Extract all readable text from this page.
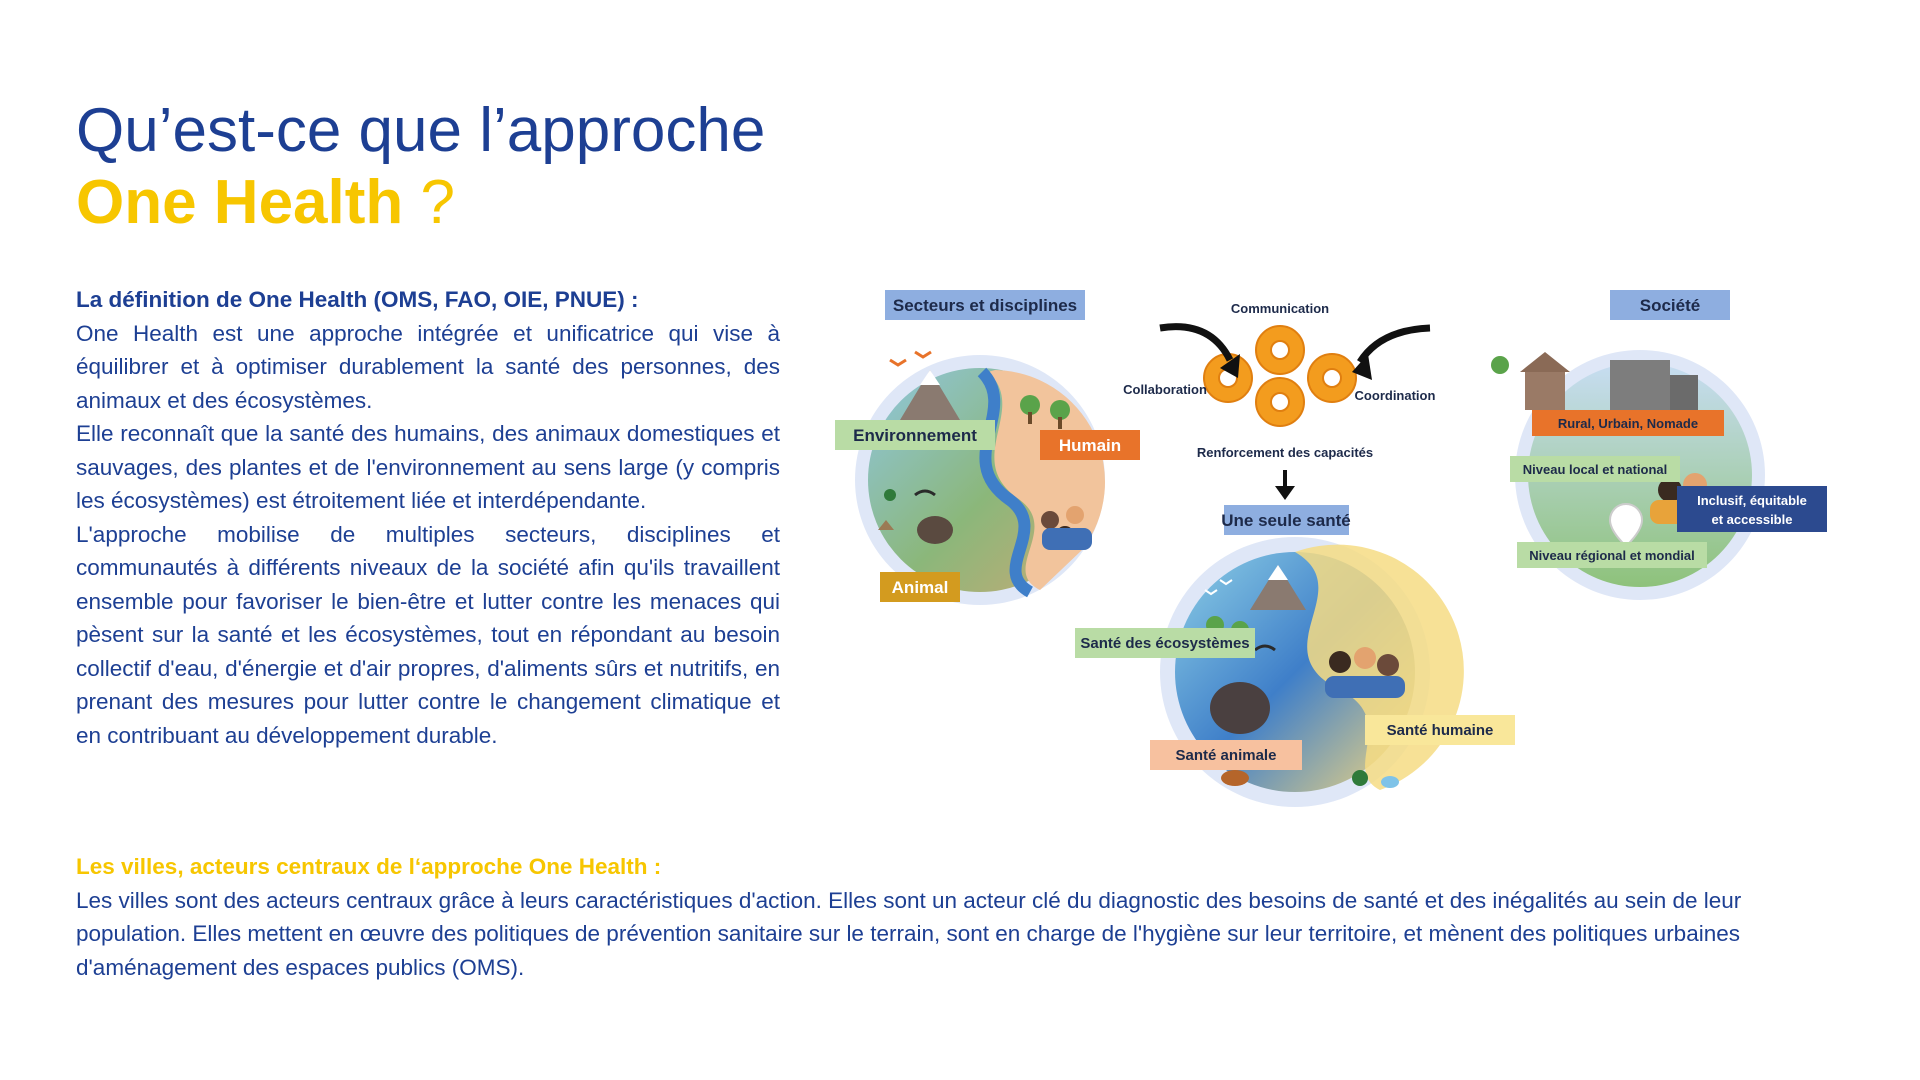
Qu’est-ce que l’approche
One Health ?

La définition de One Health (OMS, FAO, OIE, PNUE) :

One Health est une approche intégrée et unificatrice qui vise à équilibrer et à optimiser durablement la santé des personnes, des animaux et des écosystèmes.

Elle reconnaît que la santé des humains, des animaux domestiques et sauvages, des plantes et de l'environnement au sens large (y compris les écosystèmes) est étroitement liée et interdépendante.

L'approche mobilise de multiples secteurs, disciplines et communautés à différents niveaux de la société afin qu'ils travaillent ensemble pour favoriser le bien-être et lutter contre les menaces qui pèsent sur la santé et les écosystèmes, tout en répondant au besoin collectif d'eau, d'énergie et d'air propres, d'aliments sûrs et nutritifs, en prenant des mesures pour lutter contre le changement climatique et en contribuant au développement durable.

Secteurs et disciplines
Environnement
Humain
Animal
Communication
Collaboration	Coordination
Renforcement des capacités
Société
Rural, Urbain, Nomade
Niveau local et national
Inclusif, équitable
et accessible
Niveau régional et mondial
Une seule santé
Santé des écosystèmes
Santé humaine
Santé animale

Les villes, acteurs centraux de l‘approche One Health :

Les villes sont des acteurs centraux grâce à leurs caractéristiques d'action. Elles sont un acteur clé du diagnostic des besoins de santé et des inégalités au sein de leur population. Elles mettent en œuvre des politiques de prévention sanitaire sur le terrain, sont en charge de l'hygiène sur leur territoire, et mènent des politiques urbaines d'aménagement des espaces publics (OMS).
